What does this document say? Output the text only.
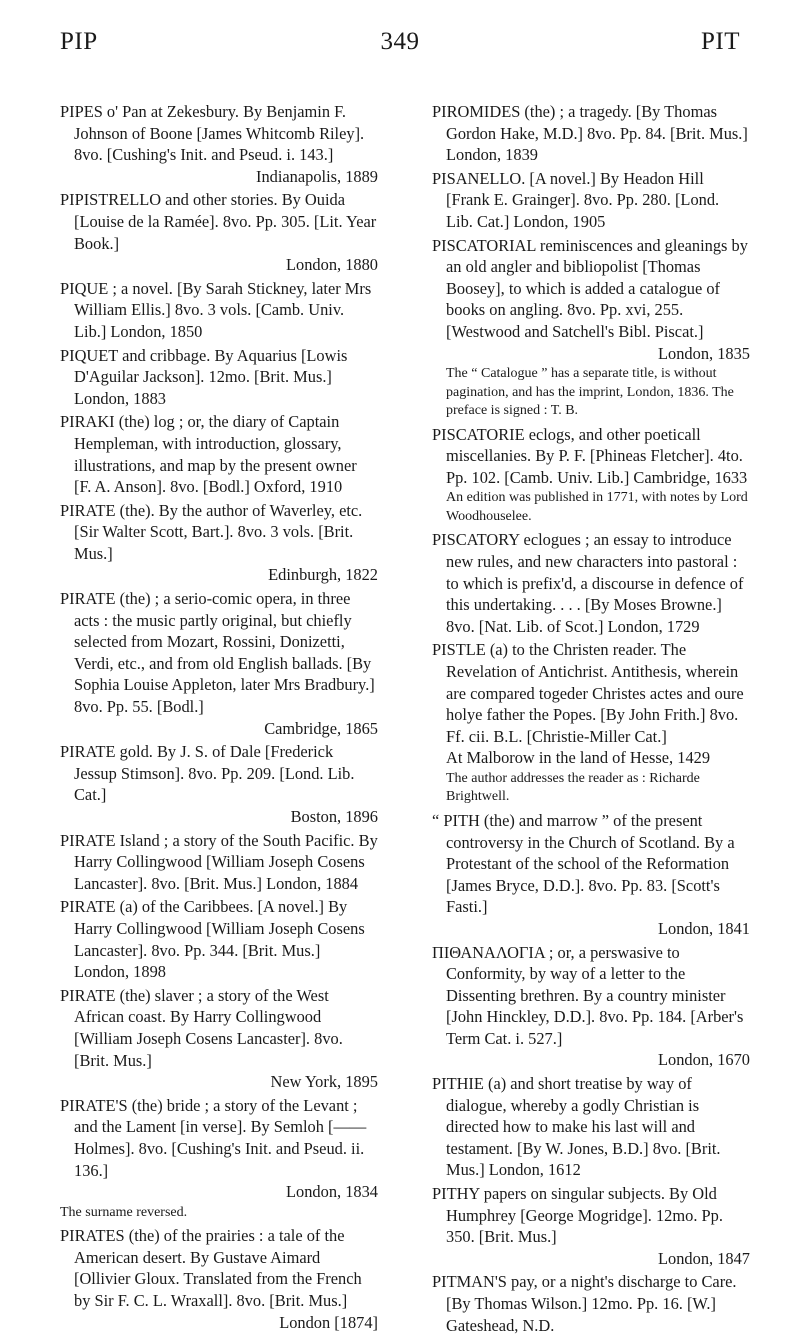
PIP	349	PIT

PIPES o' Pan at Zekesbury. By Benjamin F. Johnson of Boone [James Whitcomb Riley]. 8vo. [Cushing's Init. and Pseud. i. 143.]
Indianapolis, 1889

PIPISTRELLO and other stories. By Ouida [Louise de la Ramée]. 8vo. Pp. 305. [Lit. Year Book.]
London, 1880

PIQUE ; a novel. [By Sarah Stickney, later Mrs William Ellis.] 8vo. 3 vols. [Camb. Univ. Lib.] London, 1850

PIQUET and cribbage. By Aquarius [Lowis D'Aguilar Jackson]. 12mo. [Brit. Mus.] London, 1883

PIRAKI (the) log ; or, the diary of Captain Hempleman, with introduction, glossary, illustrations, and map by the present owner [F. A. Anson]. 8vo. [Bodl.] Oxford, 1910

PIRATE (the). By the author of Waverley, etc. [Sir Walter Scott, Bart.]. 8vo. 3 vols. [Brit. Mus.]
Edinburgh, 1822

PIRATE (the) ; a serio-comic opera, in three acts : the music partly original, but chiefly selected from Mozart, Rossini, Donizetti, Verdi, etc., and from old English ballads. [By Sophia Louise Appleton, later Mrs Bradbury.] 8vo. Pp. 55. [Bodl.]
Cambridge, 1865

PIRATE gold. By J. S. of Dale [Frederick Jessup Stimson]. 8vo. Pp. 209. [Lond. Lib. Cat.]
Boston, 1896

PIRATE Island ; a story of the South Pacific. By Harry Collingwood [William Joseph Cosens Lancaster]. 8vo. [Brit. Mus.] London, 1884

PIRATE (a) of the Caribbees. [A novel.] By Harry Collingwood [William Joseph Cosens Lancaster]. 8vo. Pp. 344. [Brit. Mus.] London, 1898

PIRATE (the) slaver ; a story of the West African coast. By Harry Collingwood [William Joseph Cosens Lancaster]. 8vo. [Brit. Mus.]
New York, 1895

PIRATE'S (the) bride ; a story of the Levant ; and the Lament [in verse]. By Semloh [—— Holmes]. 8vo. [Cushing's Init. and Pseud. ii. 136.]
London, 1834

The surname reversed.

PIRATES (the) of the prairies : a tale of the American desert. By Gustave Aimard [Ollivier Gloux. Translated from the French by Sir F. C. L. Wraxall]. 8vo. [Brit. Mus.]
London [1874]

PIROMIDES (the) ; a tragedy. [By Thomas Gordon Hake, M.D.] 8vo. Pp. 84. [Brit. Mus.] London, 1839

PISANELLO. [A novel.] By Headon Hill [Frank E. Grainger]. 8vo. Pp. 280. [Lond. Lib. Cat.] London, 1905

PISCATORIAL reminiscences and gleanings by an old angler and bibliopolist [Thomas Boosey], to which is added a catalogue of books on angling. 8vo. Pp. xvi, 255. [Westwood and Satchell's Bibl. Piscat.]
London, 1835

The “ Catalogue ” has a separate title, is without pagination, and has the imprint, London, 1836. The preface is signed : T. B.

PISCATORIE eclogs, and other poeticall miscellanies. By P. F. [Phineas Fletcher]. 4to. Pp. 102. [Camb. Univ. Lib.] Cambridge, 1633

An edition was published in 1771, with notes by Lord Woodhouselee.

PISCATORY eclogues ; an essay to introduce new rules, and new characters into pastoral : to which is prefix'd, a discourse in defence of this undertaking. . . . [By Moses Browne.] 8vo. [Nat. Lib. of Scot.] London, 1729

PISTLE (a) to the Christen reader. The Revelation of Antichrist. Antithesis, wherein are compared togeder Christes actes and oure holye father the Popes. [By John Frith.] 8vo. Ff. cii. B.L. [Christie-Miller Cat.]
At Malborow in the land of Hesse, 1429

The author addresses the reader as : Richarde Brightwell.

“ PITH (the) and marrow ” of the present controversy in the Church of Scotland. By a Protestant of the school of the Reformation [James Bryce, D.D.]. 8vo. Pp. 83. [Scott's Fasti.]
London, 1841

ΠΙΘΑΝΑΛΟΓΙΑ ; or, a perswasive to Conformity, by way of a letter to the Dissenting brethren. By a country minister [John Hinckley, D.D.]. 8vo. Pp. 184. [Arber's Term Cat. i. 527.]
London, 1670

PITHIE (a) and short treatise by way of dialogue, whereby a godly Christian is directed how to make his last will and testament. [By W. Jones, B.D.] 8vo. [Brit. Mus.] London, 1612

PITHY papers on singular subjects. By Old Humphrey [George Mogridge]. 12mo. Pp. 350. [Brit. Mus.]
London, 1847

PITMAN'S pay, or a night's discharge to Care. [By Thomas Wilson.] 12mo. Pp. 16. [W.] Gateshead, N.D.
